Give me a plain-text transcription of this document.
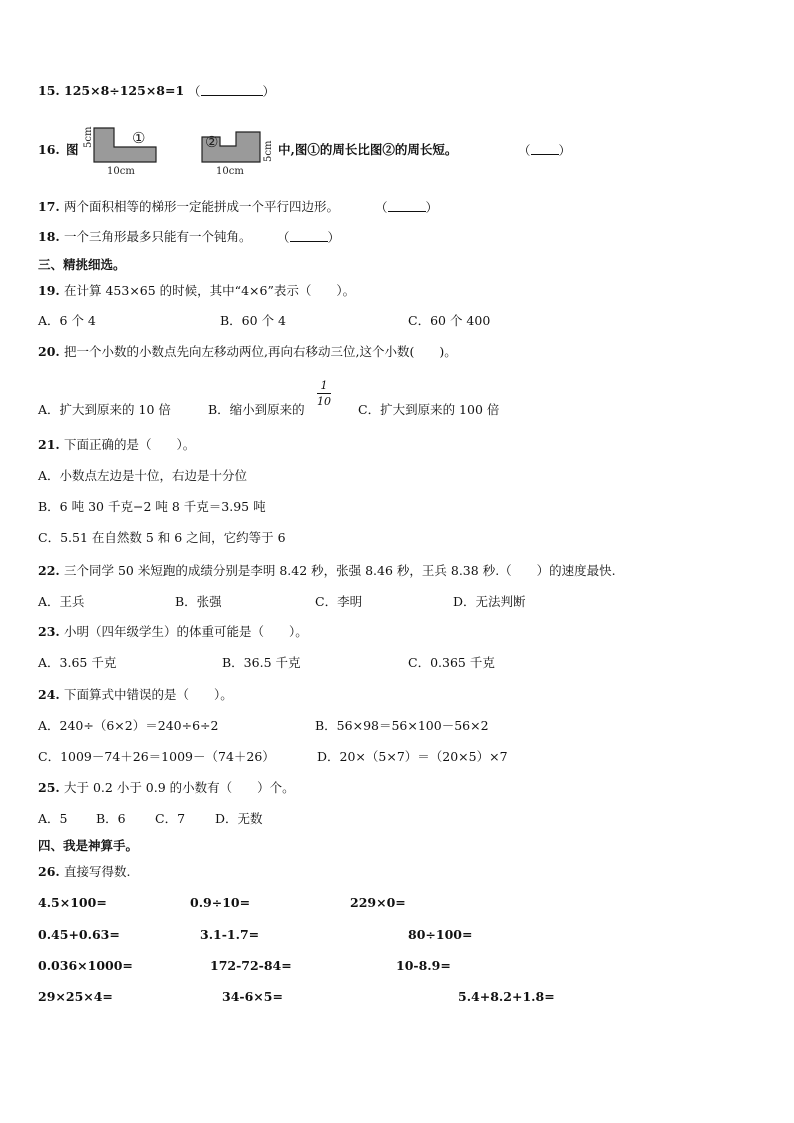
15. 125×8÷125×8=1 （	）
16. 图
5cm	①
10cm
②	5cm
10cm
中,图①的周长比图②的周长短。	（ ）
17. 两个面积相等的梯形一定能拼成一个平行四边形。	（	）
18. 一个三角形最多只能有一个钝角。 （	）
三、精挑细选。
19. 在计算 453×65 的时候，其中“4×6”表示（　　）。
A．6 个 4	B．60 个 4	C．60 个 400
20. 把一个小数的小数点先向左移动两位,再向右移动三位,这个小数(　　)。
A．扩大到原来的 10 倍	B．缩小到原来的
1
10
C．扩大到原来的 100 倍
21. 下面正确的是（　　）。
A．小数点左边是十位，右边是十分位
B．6 吨 30 千克−2 吨 8 千克＝3.95 吨
C．5.51 在自然数 5 和 6 之间，它约等于 6
22. 三个同学 50 米短跑的成绩分别是李明 8.42 秒，张强 8.46 秒，王兵 8.38 秒.（　　）的速度最快.
A．王兵	B．张强	C．李明	D．无法判断
23. 小明（四年级学生）的体重可能是（　　）。
A．3.65 千克	B．36.5 千克	C．0.365 千克
24. 下面算式中错误的是（　　）。
A．240÷（6×2）＝240÷6÷2	B．56×98＝56×100－56×2
C．1009－74＋26＝1009－（74＋26）	D．20×（5×7）＝（20×5）×7
25. 大于 0.2 小于 0.9 的小数有（　　）个。
A．5 B．6 C．7 D．无数
四、我是神算手。
26. 直接写得数.
4.5×100=	0.9÷10=	229×0=
0.45+0.63=	3.1-1.7=	80÷100=
0.036×1000=	172-72-84=	10-8.9=
29×25×4=	34-6×5=	5.4+8.2+1.8=
